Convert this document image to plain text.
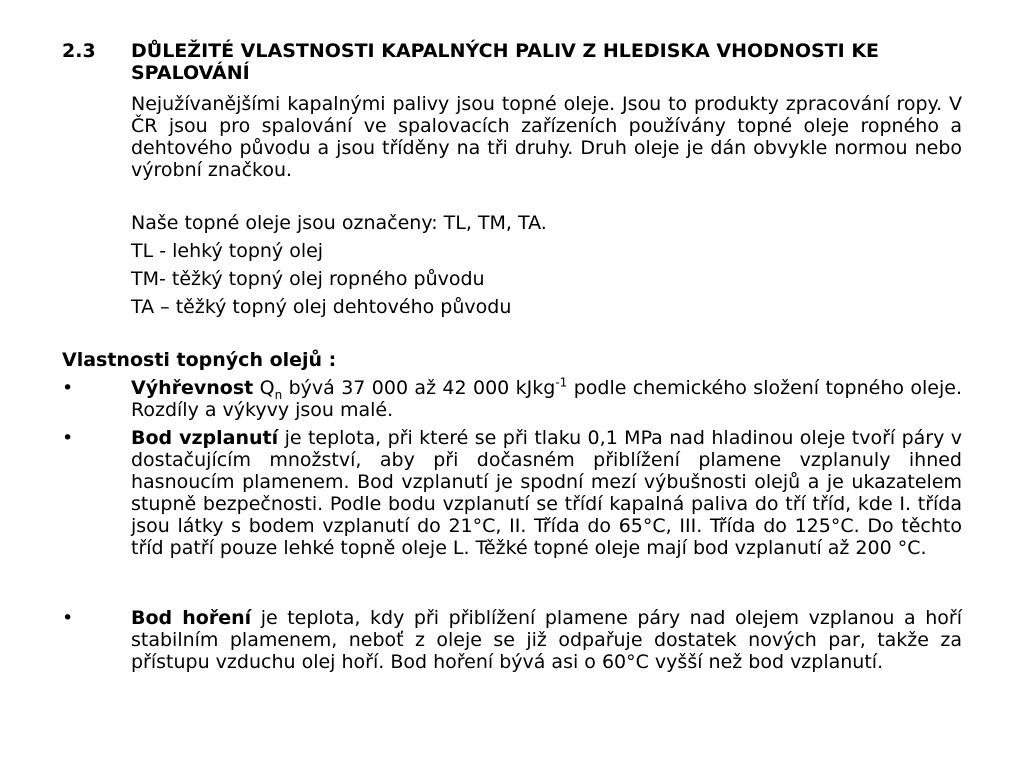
2.3	DŮLEŽITÉ VLASTNOSTI KAPALNÝCH PALIV Z HLEDISKA VHODNOSTI KE SPALOVÁNÍ
Nejužívanějšími kapalnými palivy jsou topné oleje. Jsou to produkty zpracování ropy. V ČR jsou pro spalování ve spalovacích zařízeních používány topné oleje ropného a dehtového původu a jsou tříděny na tři druhy. Druh oleje je dán obvykle normou nebo výrobní značkou.
Naše topné oleje jsou označeny: TL, TM, TA.
TL - lehký topný olej
TM- těžký topný olej ropného původu
TA – těžký topný olej dehtového původu
Vlastnosti topných olejů :
•	Výhřevnost $Q_n$ bývá 37 000 až 42 000 kJkg$^{-1}$ podle chemického složení topného oleje. Rozdíly a výkyvy jsou malé.
•	Bod vzplanutí je teplota, při které se při tlaku 0,1 MPa nad hladinou oleje tvoří páry v dostačujícím množství, aby při dočasném přiblížení plamene vzplanuly ihned hasnoucím plamenem. Bod vzplanutí je spodní mezí výbušnosti olejů a je ukazatelem stupně bezpečnosti. Podle bodu vzplanutí se třídí kapalná paliva do tří tříd, kde I. třída jsou látky s bodem vzplanutí do 21°C, II. Třída do 65°C, III. Třída do 125°C. Do těchto tříd patří pouze lehké topně oleje L. Těžké topné oleje mají bod vzplanutí až 200 °C.
•	Bod hoření je teplota, kdy při přiblížení plamene páry nad olejem vzplanou a hoří stabilním plamenem, neboť z oleje se již odpařuje dostatek nových par, takže za přístupu vzduchu olej hoří. Bod hoření bývá asi o 60°C vyšší než bod vzplanutí.
